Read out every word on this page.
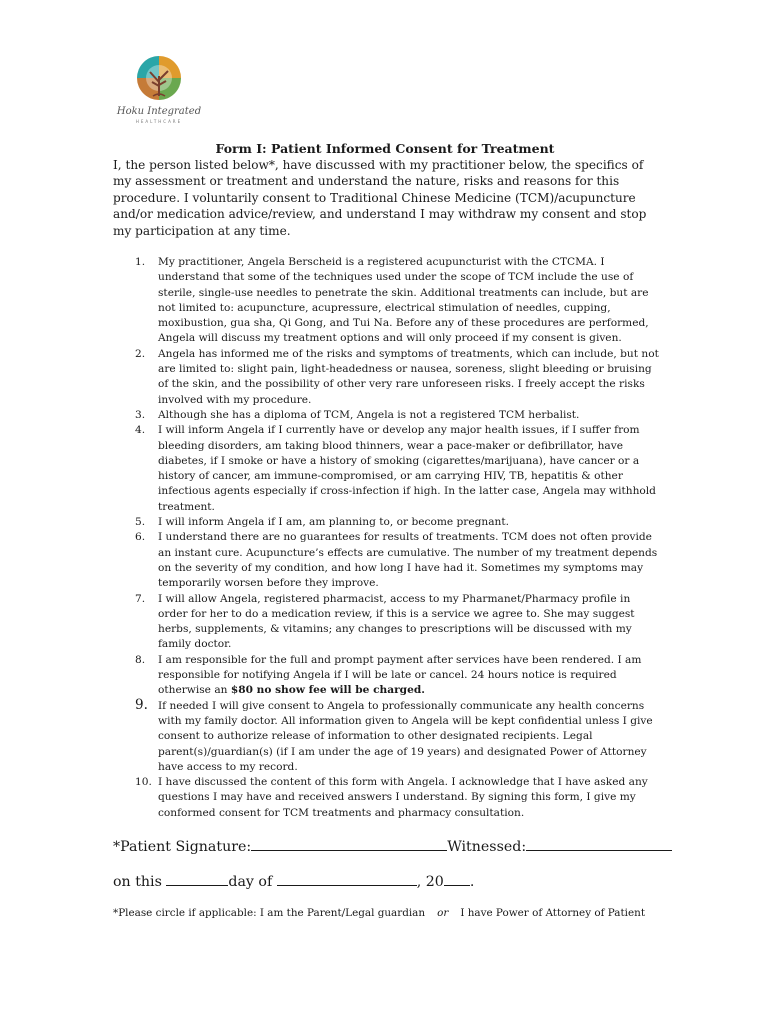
Hoku Integrated
HEALTHCARE
Form I: Patient Informed Consent for Treatment

I, the person listed below*, have discussed with my practitioner below, the specifics of my assessment or treatment and understand the nature, risks and reasons for this procedure. I voluntarily consent to Traditional Chinese Medicine (TCM)/acupuncture and/or medication advice/review, and understand I may withdraw my consent and stop my participation at any time.

1. My practitioner, Angela Berscheid is a registered acupuncturist with the CTCMA. I understand that some of the techniques used under the scope of TCM include the use of sterile, single-use needles to penetrate the skin. Additional treatments can include, but are not limited to: acupuncture, acupressure, electrical stimulation of needles, cupping, moxibustion, gua sha, Qi Gong, and Tui Na. Before any of these procedures are performed, Angela will discuss my treatment options and will only proceed if my consent is given.
2. Angela has informed me of the risks and symptoms of treatments, which can include, but not are limited to: slight pain, light-headedness or nausea, soreness, slight bleeding or bruising of the skin, and the possibility of other very rare unforeseen risks. I freely accept the risks involved with my procedure.
3. Although she has a diploma of TCM, Angela is not a registered TCM herbalist.
4. I will inform Angela if I currently have or develop any major health issues, if I suffer from bleeding disorders, am taking blood thinners, wear a pace-maker or defibrillator, have diabetes, if I smoke or have a history of smoking (cigarettes/marijuana), have cancer or a history of cancer, am immune-compromised, or am carrying HIV, TB, hepatitis & other infectious agents especially if cross-infection if high. In the latter case, Angela may withhold treatment.
5. I will inform Angela if I am, am planning to, or become pregnant.
6. I understand there are no guarantees for results of treatments. TCM does not often provide an instant cure. Acupuncture’s effects are cumulative. The number of my treatment depends on the severity of my condition, and how long I have had it. Sometimes my symptoms may temporarily worsen before they improve.
7. I will allow Angela, registered pharmacist, access to my Pharmanet/Pharmacy profile in order for her to do a medication review, if this is a service we agree to. She may suggest herbs, supplements, & vitamins; any changes to prescriptions will be discussed with my family doctor.
8. I am responsible for the full and prompt payment after services have been rendered. I am responsible for notifying Angela if I will be late or cancel. 24 hours notice is required otherwise an $80 no show fee will be charged.
9. If needed I will give consent to Angela to professionally communicate any health concerns with my family doctor. All information given to Angela will be kept confidential unless I give consent to authorize release of information to other designated recipients. Legal parent(s)/guardian(s) (if I am under the age of 19 years) and designated Power of Attorney have access to my record.
10. I have discussed the content of this form with Angela. I acknowledge that I have asked any questions I may have and received answers I understand. By signing this form, I give my conformed consent for TCM treatments and pharmacy consultation.
*Patient Signature:	Witnessed:
on this	day of	, 20 .
*Please circle if applicable: I am the Parent/Legal guardian or I have Power of Attorney of Patient
